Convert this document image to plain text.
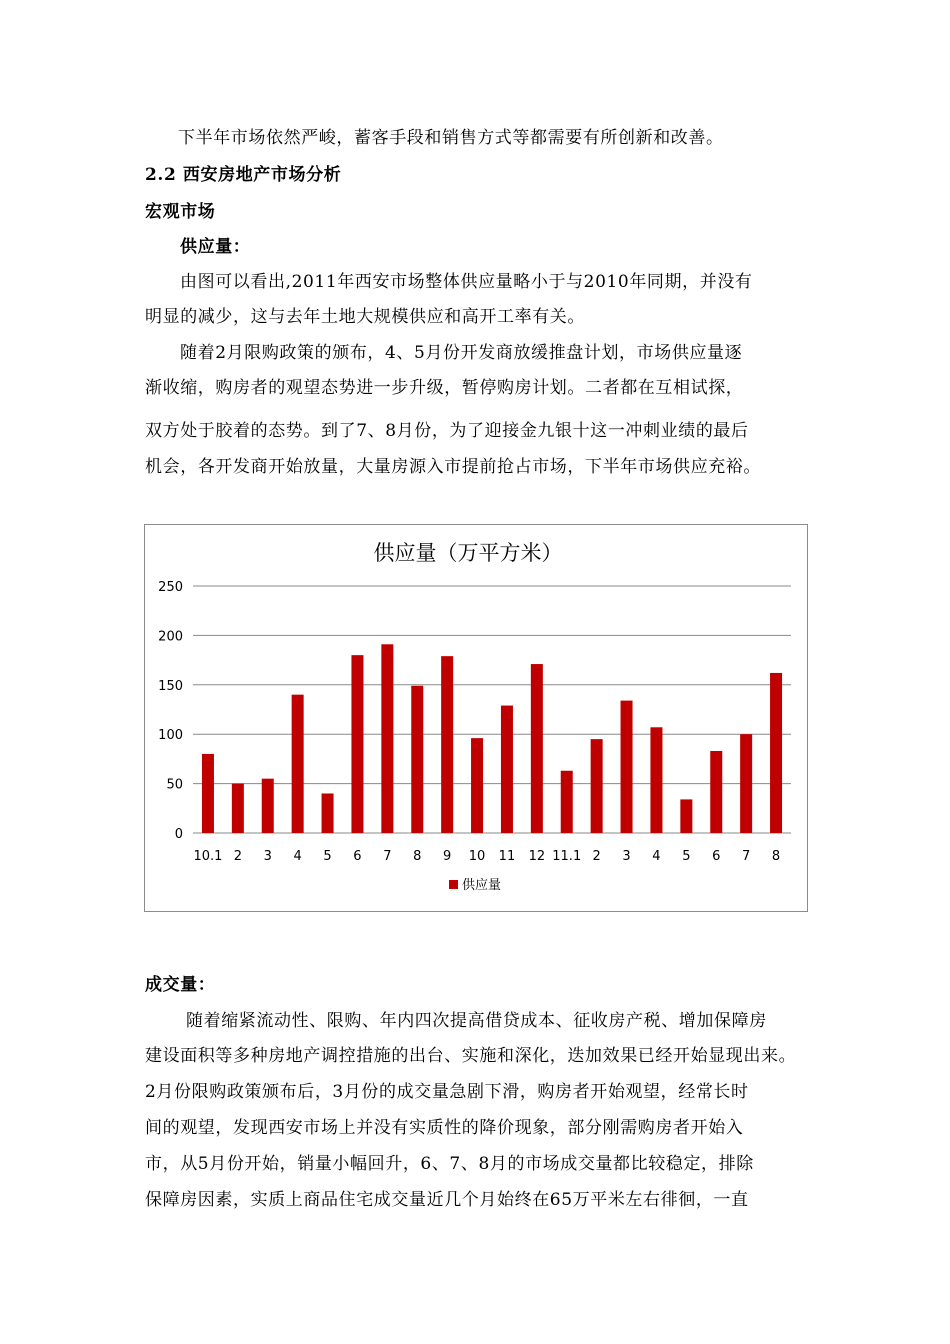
下半年市场依然严峻，蓄客手段和销售方式等都需要有所创新和改善。
2.2 西安房地产市场分析
宏观市场
供应量：
由图可以看出,2011年西安市场整体供应量略小于与2010年同期，并没有
明显的减少，这与去年土地大规模供应和高开工率有关。
随着2月限购政策的颁布，4、5月份开发商放缓推盘计划，市场供应量逐
渐收缩，购房者的观望态势进一步升级，暂停购房计划。二者都在互相试探，
双方处于胶着的态势。到了7、8月份，为了迎接金九银十这一冲刺业绩的最后
机会，各开发商开始放量，大量房源入市提前抢占市场，下半年市场供应充裕。
供应量（万平方米）
10.1 2 3 4 5 6 7 8 9 10 11 12 11.1 2 3 4 5 6 7 8
0
50
100
150
200
250
供应量
成交量：
随着缩紧流动性、限购、年内四次提高借贷成本、征收房产税、增加保障房
建设面积等多种房地产调控措施的出台、实施和深化，迭加效果已经开始显现出来。
2月份限购政策颁布后，3月份的成交量急剧下滑，购房者开始观望，经常长时
间的观望，发现西安市场上并没有实质性的降价现象，部分刚需购房者开始入
市，从5月份开始，销量小幅回升，6、7、8月的市场成交量都比较稳定，排除
保障房因素，实质上商品住宅成交量近几个月始终在65万平米左右徘徊，一直
